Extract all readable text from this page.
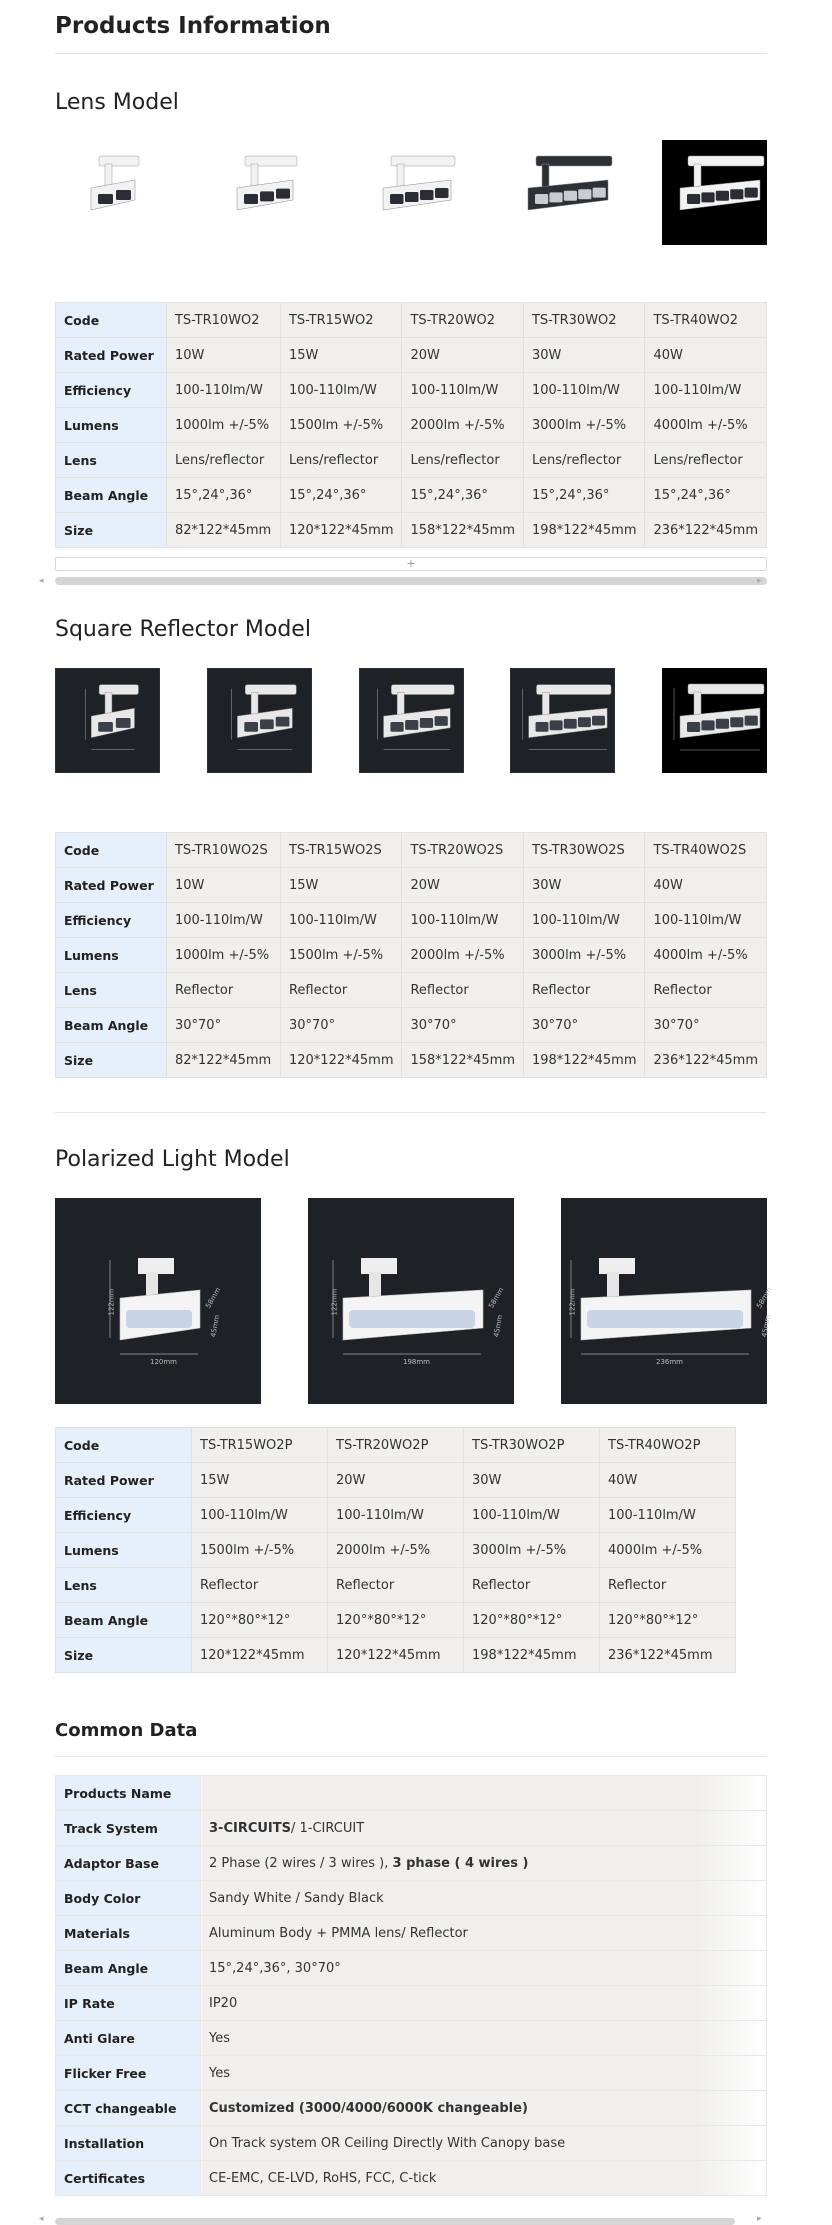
Products Information
Lens Model
Code	TS-TR10WO2	TS-TR15WO2	TS-TR20WO2	TS-TR30WO2	TS-TR40WO2
Rated Power	10W	15W	20W	30W	40W
Efficiency	100-110lm/W	100-110lm/W	100-110lm/W	100-110lm/W	100-110lm/W
Lumens	1000lm +/-5%	1500lm +/-5%	2000lm +/-5%	3000lm +/-5%	4000lm +/-5%
Lens	Lens/reflector	Lens/reflector	Lens/reflector	Lens/reflector	Lens/reflector
Beam Angle	15°,24°,36°	15°,24°,36°	15°,24°,36°	15°,24°,36°	15°,24°,36°
Size	82*122*45mm	120*122*45mm	158*122*45mm	198*122*45mm	236*122*45mm
+
◂	▸
Square Reflector Model
Code	TS-TR10WO2S	TS-TR15WO2S	TS-TR20WO2S	TS-TR30WO2S	TS-TR40WO2S
Rated Power	10W	15W	20W	30W	40W
Efficiency	100-110lm/W	100-110lm/W	100-110lm/W	100-110lm/W	100-110lm/W
Lumens	1000lm +/-5%	1500lm +/-5%	2000lm +/-5%	3000lm +/-5%	4000lm +/-5%
Lens	Reflector	Reflector	Reflector	Reflector	Reflector
Beam Angle	30°70°	30°70°	30°70°	30°70°	30°70°
Size	82*122*45mm	120*122*45mm	158*122*45mm	198*122*45mm	236*122*45mm
Polarized Light Model
122mm
120mm
58mm
45mm
122mm
198mm
58mm
45mm
122mm
236mm
58mm
45mm
Code	TS-TR15WO2P	TS-TR20WO2P	TS-TR30WO2P	TS-TR40WO2P
Rated Power	15W	20W	30W	40W
Efficiency	100-110lm/W	100-110lm/W	100-110lm/W	100-110lm/W
Lumens	1500lm +/-5%	2000lm +/-5%	3000lm +/-5%	4000lm +/-5%
Lens	Reflector	Reflector	Reflector	Reflector
Beam Angle	120°*80°*12°	120°*80°*12°	120°*80°*12°	120°*80°*12°
Size	120*122*45mm	120*122*45mm	198*122*45mm	236*122*45mm
Common Data
Products Name	
Track System	3-CIRCUITS/ 1-CIRCUIT
Adaptor Base	2 Phase (2 wires / 3 wires ), 3 phase ( 4 wires )
Body Color	Sandy White / Sandy Black
Materials	Aluminum Body + PMMA lens/ Reflector
Beam Angle	15°,24°,36°, 30°70°
IP Rate	IP20
Anti Glare	Yes
Flicker Free	Yes
CCT changeable	Customized (3000/4000/6000K changeable)
Installation	On Track system OR Ceiling Directly With Canopy base
Certificates	CE-EMC, CE-LVD, RoHS, FCC, C-tick
◂	▸
